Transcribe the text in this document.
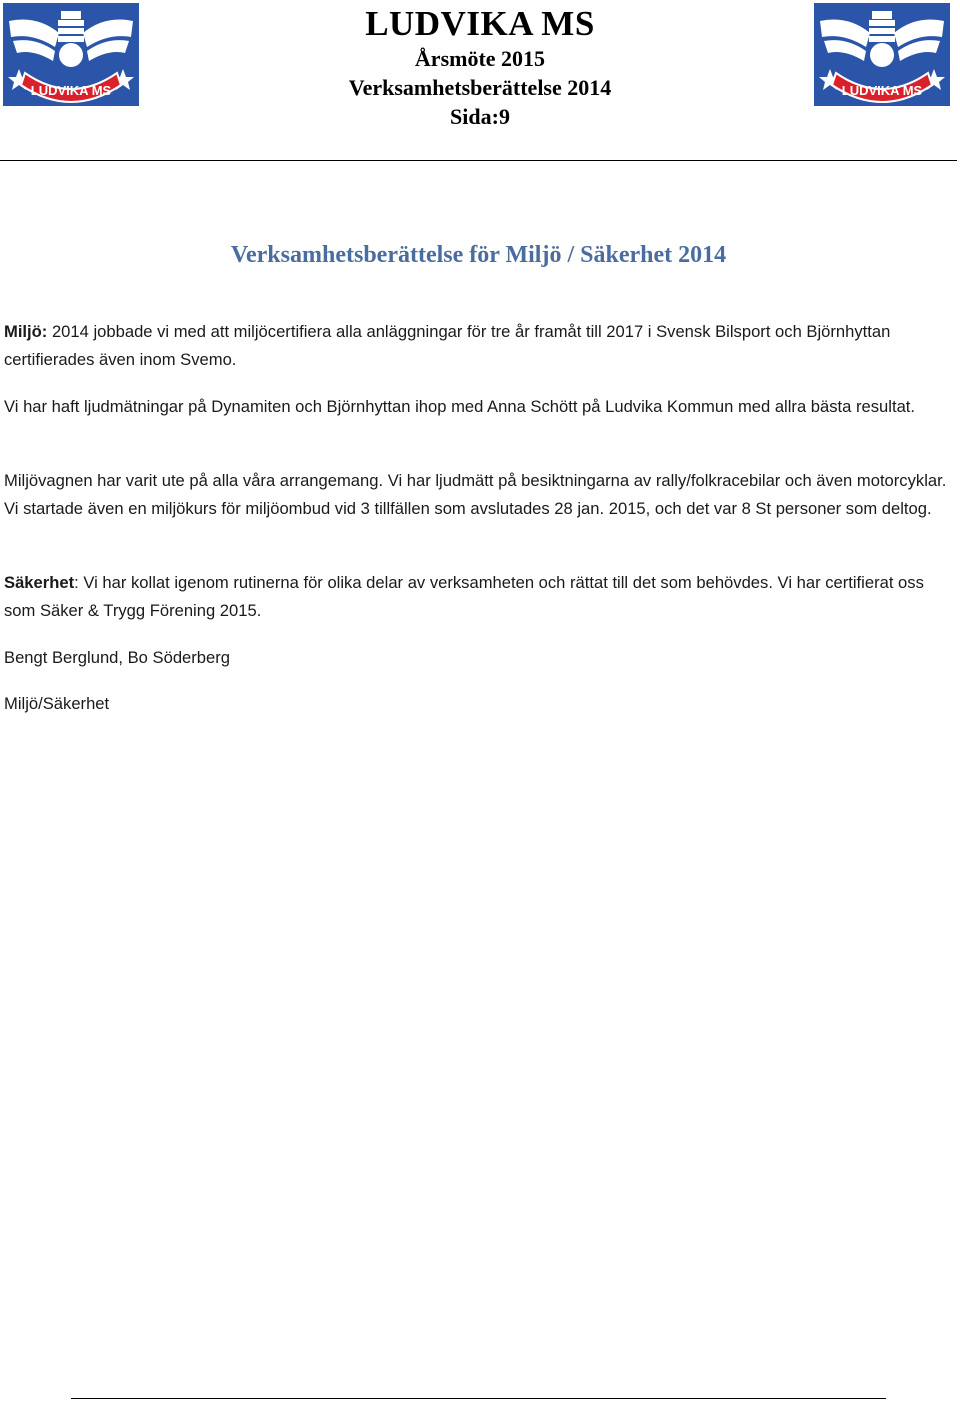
LUDVIKA MS
LUDVIKA MS
Årsmöte 2015
Verksamhetsberättelse 2014
Sida:9
LUDVIKA MS
Verksamhetsberättelse för Miljö / Säkerhet 2014

Miljö: 2014 jobbade vi med att miljöcertifiera alla anläggningar för tre år framåt till 2017 i Svensk Bilsport och Björnhyttan certifierades även inom Svemo.

Vi har haft ljudmätningar på Dynamiten och Björnhyttan ihop med Anna Schött på Ludvika Kommun med allra bästa resultat.

Miljövagnen har varit ute på alla våra arrangemang. Vi har ljudmätt på besiktningarna av rally/folkracebilar och även motorcyklar. Vi startade även en miljökurs för miljöombud vid 3 tillfällen som avslutades 28 jan. 2015, och det var 8 St personer som deltog.

Säkerhet: Vi har kollat igenom rutinerna för olika delar av verksamheten och rättat till det som behövdes. Vi har certifierat oss som Säker & Trygg Förening 2015.

Bengt Berglund, Bo Söderberg
Miljö/Säkerhet
